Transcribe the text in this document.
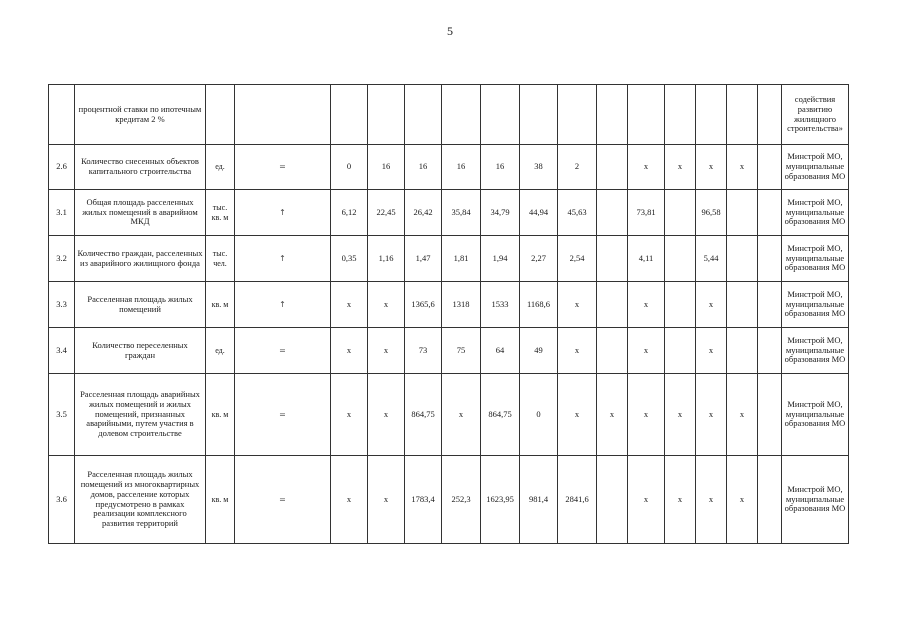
5
	процентной ставки по ипотечным кредитам 2 %																содействия развитию жилищного строительства»
2.6	Количество снесенных объектов капитального строительства	ед.	=	0	16	16	16	16	38	2		х	х	х	х		Минстрой МО, муниципальные образования МО
3.1	Общая площадь расселенных жилых помещений в аварийном МКД	тыс. кв. м	↑	6,12	22,45	26,42	35,84	34,79	44,94	45,63		73,81		96,58			Минстрой МО, муниципальные образования МО
3.2	Количество граждан, расселенных из аварийного жилищного фонда	тыс. чел.	↑	0,35	1,16	1,47	1,81	1,94	2,27	2,54		4,11		5,44			Минстрой МО, муниципальные образования МО
3.3	Расселенная площадь жилых помещений	кв. м	↑	х	х	1365,6	1318	1533	1168,6	х		х		х			Минстрой МО, муниципальные образования МО
3.4	Количество переселенных граждан	ед.	=	х	х	73	75	64	49	х		х		х			Минстрой МО, муниципальные образования МО
3.5	Расселенная площадь аварийных жилых помещений и жилых помещений, признанных аварийными, путем участия в долевом строительстве	кв. м	=	х	х	864,75	х	864,75	0	х	х	х	х	х	х		Минстрой МО, муниципальные образования МО
3.6	Расселенная площадь жилых помещений из многоквартирных домов, расселение которых предусмотрено в рамках реализации комплексного развития территорий	кв. м	=	х	х	1783,4	252,3	1623,95	981,4	2841,6		х	х	х	х		Минстрой МО, муниципальные образования МО
